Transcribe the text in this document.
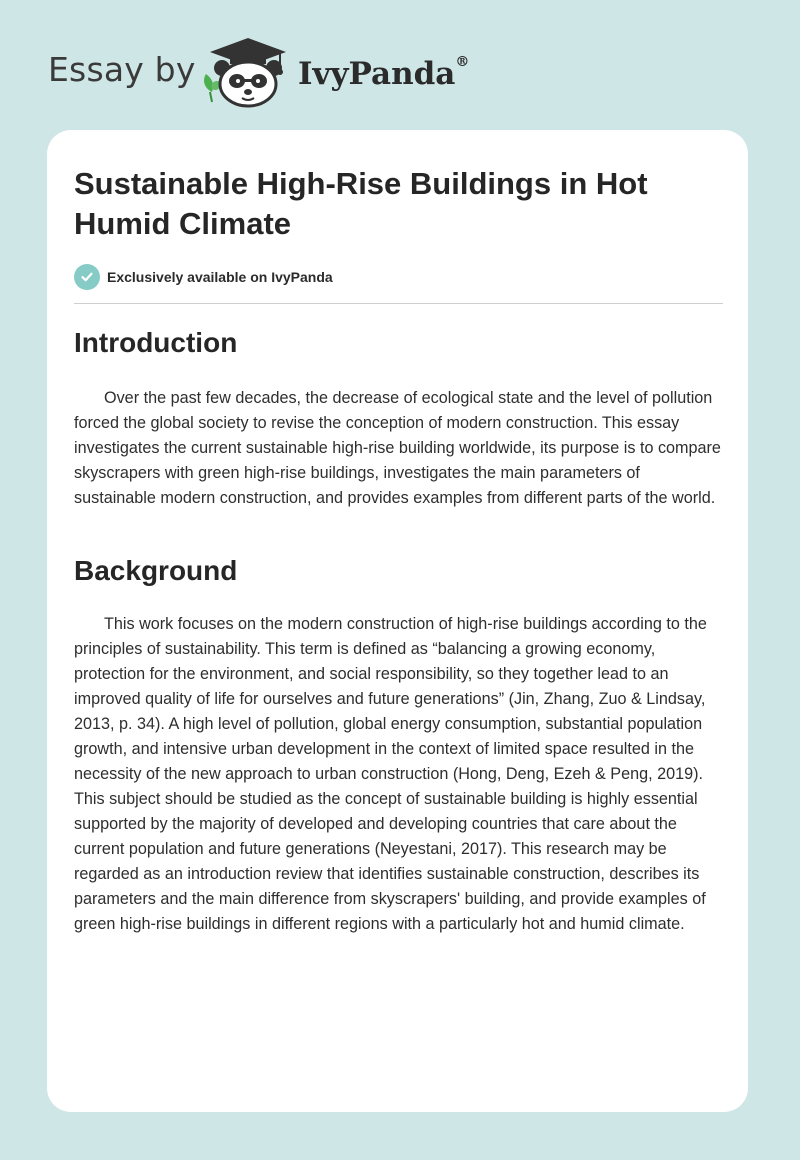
Essay by	IvyPanda®
Sustainable High-Rise Buildings in Hot Humid Climate
Exclusively available on IvyPanda
Introduction

Over the past few decades, the decrease of ecological state and the level of pollution forced the global society to revise the conception of modern construction. This essay investigates the current sustainable high-rise building worldwide, its purpose is to compare skyscrapers with green high-rise buildings, investigates the main parameters of sustainable modern construction, and provides examples from different parts of the world.

Background

This work focuses on the modern construction of high-rise buildings according to the principles of sustainability. This term is defined as “balancing a growing economy, protection for the environment, and social responsibility, so they together lead to an improved quality of life for ourselves and future generations” (Jin, Zhang, Zuo & Lindsay, 2013, p. 34). A high level of pollution, global energy consumption, substantial population growth, and intensive urban development in the context of limited space resulted in the necessity of the new approach to urban construction (Hong, Deng, Ezeh & Peng, 2019). This subject should be studied as the concept of sustainable building is highly essential supported by the majority of developed and developing countries that care about the current population and future generations (Neyestani, 2017). This research may be regarded as an introduction review that identifies sustainable construction, describes its parameters and the main difference from skyscrapers' building, and provide examples of green high-rise buildings in different regions with a particularly hot and humid climate.
